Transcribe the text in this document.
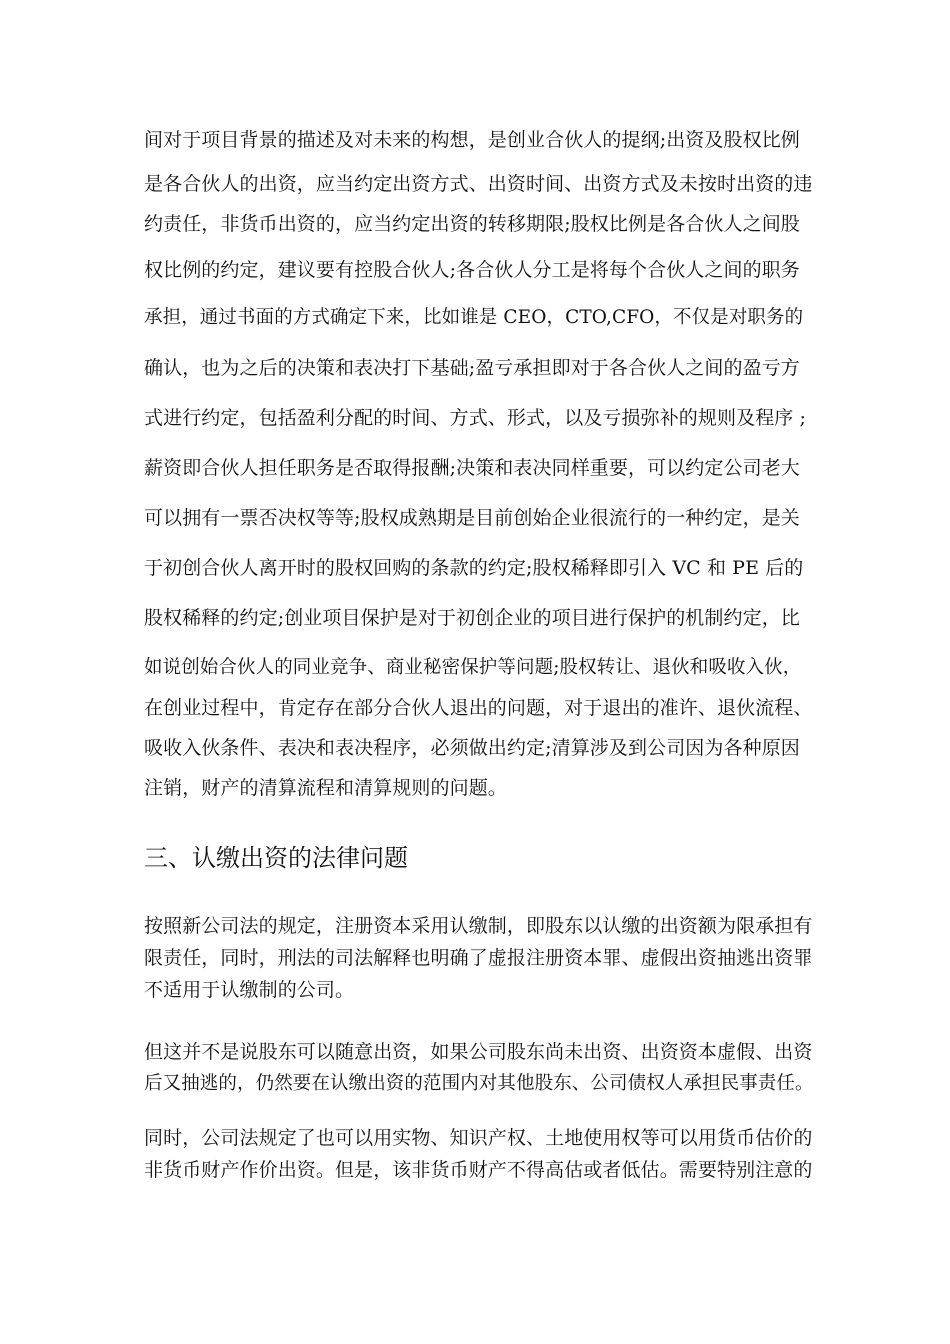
间对于项目背景的描述及对未来的构想，是创业合伙人的提纲;出资及股权比例
是各合伙人的出资，应当约定出资方式、出资时间、出资方式及未按时出资的违
约责任，非货币出资的，应当约定出资的转移期限;股权比例是各合伙人之间股
权比例的约定，建议要有控股合伙人;各合伙人分工是将每个合伙人之间的职务
承担，通过书面的方式确定下来，比如谁是 CEO，CTO,CFO，不仅是对职务的
确认，也为之后的决策和表决打下基础;盈亏承担即对于各合伙人之间的盈亏方
式进行约定，包括盈利分配的时间、方式、形式，以及亏损弥补的规则及程序 ;
薪资即合伙人担任职务是否取得报酬;决策和表决同样重要，可以约定公司老大
可以拥有一票否决权等等;股权成熟期是目前创始企业很流行的一种约定，是关
于初创合伙人离开时的股权回购的条款的约定;股权稀释即引入 VC 和 PE 后的
股权稀释的约定;创业项目保护是对于初创企业的项目进行保护的机制约定，比
如说创始合伙人的同业竞争、商业秘密保护等问题;股权转让、退伙和吸收入伙，
在创业过程中，肯定存在部分合伙人退出的问题，对于退出的准许、退伙流程、
吸收入伙条件、表决和表决程序，必须做出约定;清算涉及到公司因为各种原因
注销，财产的清算流程和清算规则的问题。
三、认缴出资的法律问题
按照新公司法的规定，注册资本采用认缴制，即股东以认缴的出资额为限承担有
限责任，同时，刑法的司法解释也明确了虚报注册资本罪、虚假出资抽逃出资罪
不适用于认缴制的公司。
但这并不是说股东可以随意出资，如果公司股东尚未出资、出资资本虚假、出资
后又抽逃的，仍然要在认缴出资的范围内对其他股东、公司债权人承担民事责任。
同时，公司法规定了也可以用实物、知识产权、土地使用权等可以用货币估价的
非货币财产作价出资。但是，该非货币财产不得高估或者低估。需要特别注意的
